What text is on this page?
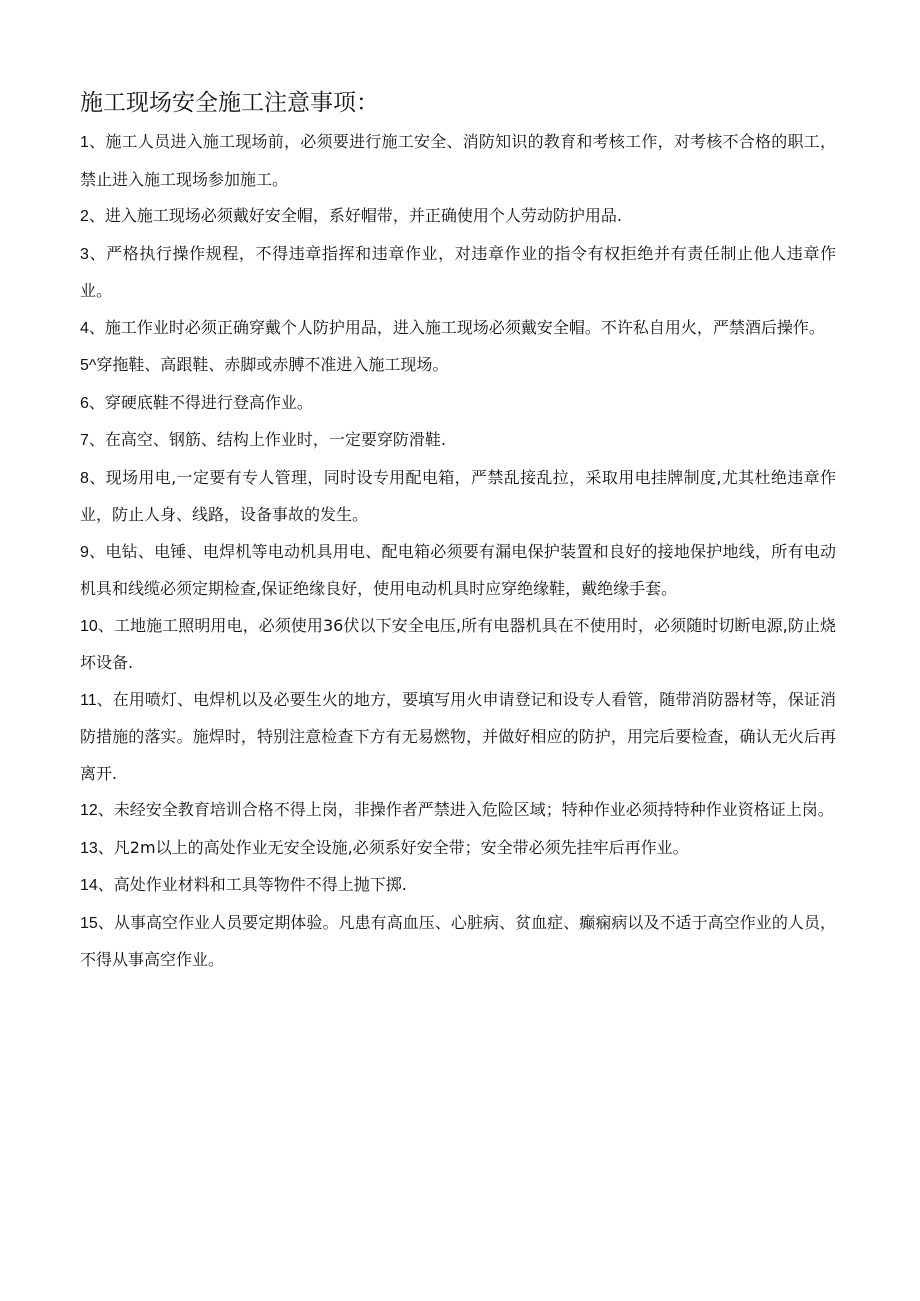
施工现场安全施工注意事项：
1、施工人员进入施工现场前，必须要进行施工安全、消防知识的教育和考核工作，对考核不合格的职工，禁止进入施工现场参加施工。
2、进入施工现场必须戴好安全帽，系好帽带，并正确使用个人劳动防护用品.
3、严格执行操作规程，不得违章指挥和违章作业，对违章作业的指令有权拒绝并有责任制止他人违章作业。
4、施工作业时必须正确穿戴个人防护用品，进入施工现场必须戴安全帽。不许私自用火，严禁酒后操作。
5^穿拖鞋、高跟鞋、赤脚或赤膊不准进入施工现场。
6、穿硬底鞋不得进行登高作业。
7、在高空、钢筋、结构上作业时，一定要穿防滑鞋.
8、现场用电,一定要有专人管理，同时设专用配电箱，严禁乱接乱拉，采取用电挂牌制度,尤其杜绝违章作业，防止人身、线路，设备事故的发生。
9、电钻、电锤、电焊机等电动机具用电、配电箱必须要有漏电保护装置和良好的接地保护地线，所有电动机具和线缆必须定期检查,保证绝缘良好，使用电动机具时应穿绝缘鞋，戴绝缘手套。
10、工地施工照明用电，必须使用36伏以下安全电压,所有电器机具在不使用时，必须随时切断电源,防止烧坏设备.
11、在用喷灯、电焊机以及必要生火的地方，要填写用火申请登记和设专人看管，随带消防器材等，保证消防措施的落实。施焊时，特别注意检查下方有无易燃物，并做好相应的防护，用完后要检查，确认无火后再离开.
12、未经安全教育培训合格不得上岗，非操作者严禁进入危险区域；特种作业必须持特种作业资格证上岗。
13、凡2m以上的高处作业无安全设施,必须系好安全带；安全带必须先挂牢后再作业。
14、高处作业材料和工具等物件不得上抛下掷.
15、从事高空作业人员要定期体验。凡患有高血压、心脏病、贫血症、癫痫病以及不适于高空作业的人员，不得从事高空作业。
